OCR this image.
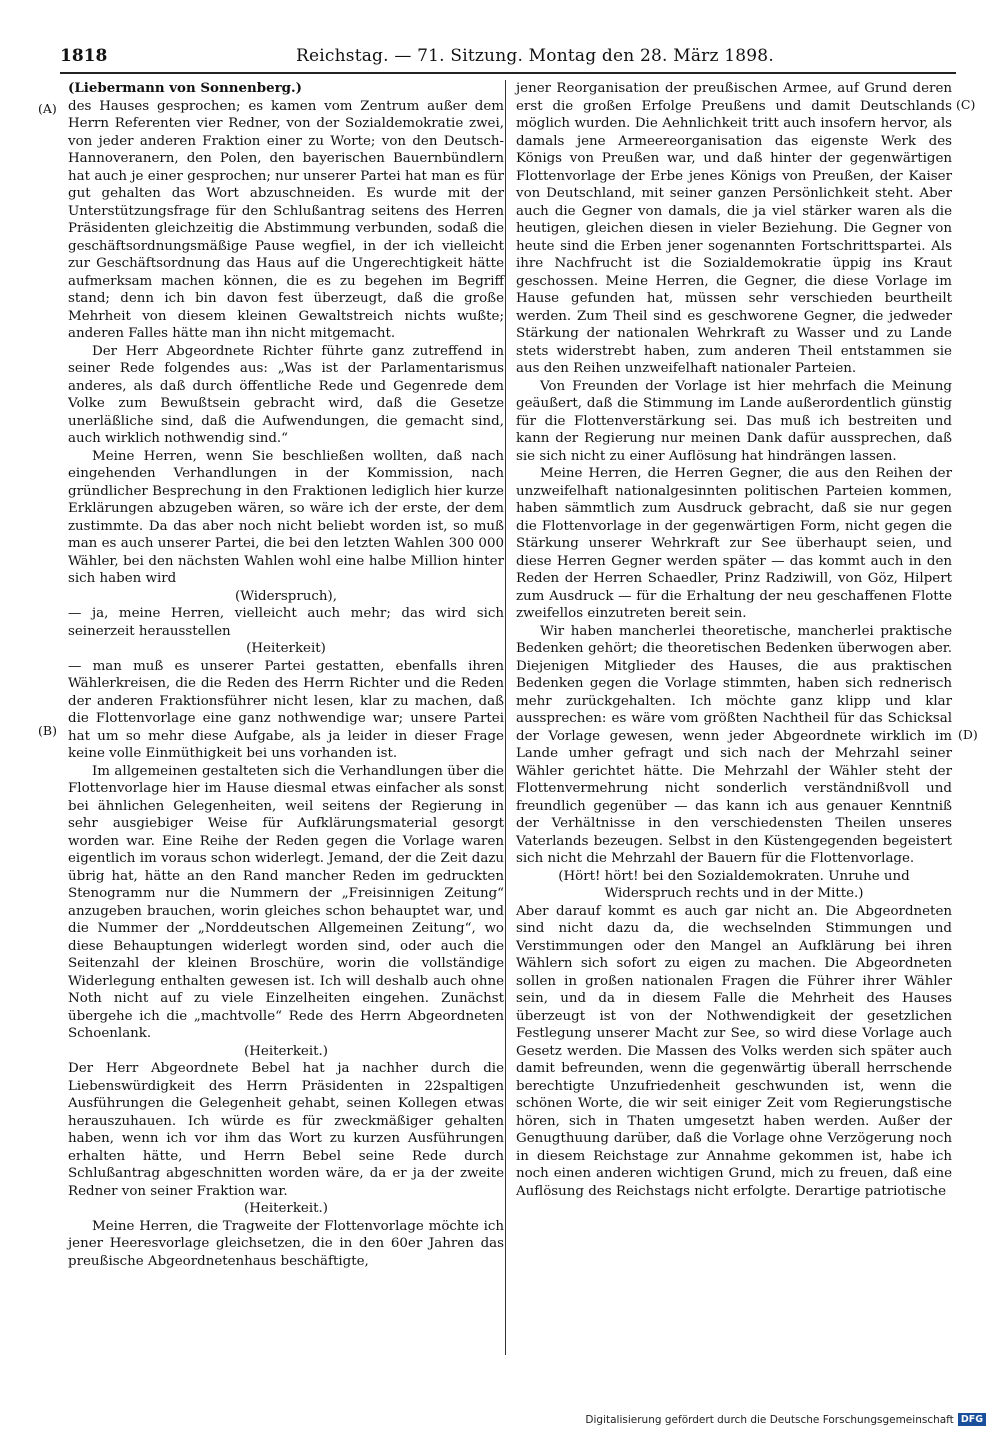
1818	Reichstag. — 71. Sitzung. Montag den 28. März 1898.
(A)
(B)
(C)
(D)

(Liebermann von Sonnenberg.)

des Hauses gesprochen; es kamen vom Zentrum außer dem Herrn Referenten vier Redner, von der Sozialdemokratie zwei, von jeder anderen Fraktion einer zu Worte; von den Deutsch-Hannoveranern, den Polen, den bayerischen Bauernbündlern hat auch je einer gesprochen; nur unserer Partei hat man es für gut gehalten das Wort abzuschneiden. Es wurde mit der Unterstützungsfrage für den Schlußantrag seitens des Herren Präsidenten gleichzeitig die Abstimmung verbunden, sodaß die geschäftsordnungsmäßige Pause wegfiel, in der ich vielleicht zur Geschäftsordnung das Haus auf die Ungerechtigkeit hätte aufmerksam machen können, die es zu begehen im Begriff stand; denn ich bin davon fest überzeugt, daß die große Mehrheit von diesem kleinen Gewaltstreich nichts wußte; anderen Falles hätte man ihn nicht mitgemacht.

Der Herr Abgeordnete Richter führte ganz zutreffend in seiner Rede folgendes aus: „Was ist der Parlamentarismus anderes, als daß durch öffentliche Rede und Gegenrede dem Volke zum Bewußtsein gebracht wird, daß die Gesetze unerläßliche sind, daß die Aufwendungen, die gemacht sind, auch wirklich nothwendig sind.“

Meine Herren, wenn Sie beschließen wollten, daß nach eingehenden Verhandlungen in der Kommission, nach gründlicher Besprechung in den Fraktionen lediglich hier kurze Erklärungen abzugeben wären, so wäre ich der erste, der dem zustimmte. Da das aber noch nicht beliebt worden ist, so muß man es auch unserer Partei, die bei den letzten Wahlen 300 000 Wähler, bei den nächsten Wahlen wohl eine halbe Million hinter sich haben wird

(Widerspruch),

— ja, meine Herren, vielleicht auch mehr; das wird sich seinerzeit herausstellen

(Heiterkeit)

— man muß es unserer Partei gestatten, ebenfalls ihren Wählerkreisen, die die Reden des Herrn Richter und die Reden der anderen Fraktionsführer nicht lesen, klar zu machen, daß die Flottenvorlage eine ganz nothwendige war; unsere Partei hat um so mehr diese Aufgabe, als ja leider in dieser Frage keine volle Einmüthigkeit bei uns vorhanden ist.

Im allgemeinen gestalteten sich die Verhandlungen über die Flottenvorlage hier im Hause diesmal etwas einfacher als sonst bei ähnlichen Gelegenheiten, weil seitens der Regierung in sehr ausgiebiger Weise für Aufklärungsmaterial gesorgt worden war. Eine Reihe der Reden gegen die Vorlage waren eigentlich im voraus schon widerlegt. Jemand, der die Zeit dazu übrig hat, hätte an den Rand mancher Reden im gedruckten Stenogramm nur die Nummern der „Freisinnigen Zeitung“ anzugeben brauchen, worin gleiches schon behauptet war, und die Nummer der „Norddeutschen Allgemeinen Zeitung“, wo diese Behauptungen widerlegt worden sind, oder auch die Seitenzahl der kleinen Broschüre, worin die vollständige Widerlegung enthalten gewesen ist. Ich will deshalb auch ohne Noth nicht auf zu viele Einzelheiten eingehen. Zunächst übergehe ich die „machtvolle“ Rede des Herrn Abgeordneten Schoenlank.

(Heiterkeit.)

Der Herr Abgeordnete Bebel hat ja nachher durch die Liebenswürdigkeit des Herrn Präsidenten in 22spaltigen Ausführungen die Gelegenheit gehabt, seinen Kollegen etwas herauszuhauen. Ich würde es für zweckmäßiger gehalten haben, wenn ich vor ihm das Wort zu kurzen Ausführungen erhalten hätte, und Herrn Bebel seine Rede durch Schlußantrag abgeschnitten worden wäre, da er ja der zweite Redner von seiner Fraktion war.

(Heiterkeit.)

Meine Herren, die Tragweite der Flottenvorlage möchte ich jener Heeresvorlage gleichsetzen, die in den 60er Jahren das preußische Abgeordnetenhaus beschäftigte,

jener Reorganisation der preußischen Armee, auf Grund deren erst die großen Erfolge Preußens und damit Deutschlands möglich wurden. Die Aehnlichkeit tritt auch insofern hervor, als damals jene Armeereorganisation das eigenste Werk des Königs von Preußen war, und daß hinter der gegenwärtigen Flottenvorlage der Erbe jenes Königs von Preußen, der Kaiser von Deutschland, mit seiner ganzen Persönlichkeit steht. Aber auch die Gegner von damals, die ja viel stärker waren als die heutigen, gleichen diesen in vieler Beziehung. Die Gegner von heute sind die Erben jener sogenannten Fortschrittspartei. Als ihre Nachfrucht ist die Sozialdemokratie üppig ins Kraut geschossen. Meine Herren, die Gegner, die diese Vorlage im Hause gefunden hat, müssen sehr verschieden beurtheilt werden. Zum Theil sind es geschworene Gegner, die jedweder Stärkung der nationalen Wehrkraft zu Wasser und zu Lande stets widerstrebt haben, zum anderen Theil entstammen sie aus den Reihen unzweifelhaft nationaler Parteien.

Von Freunden der Vorlage ist hier mehrfach die Meinung geäußert, daß die Stimmung im Lande außerordentlich günstig für die Flottenverstärkung sei. Das muß ich bestreiten und kann der Regierung nur meinen Dank dafür aussprechen, daß sie sich nicht zu einer Auflösung hat hindrängen lassen.

Meine Herren, die Herren Gegner, die aus den Reihen der unzweifelhaft nationalgesinnten politischen Parteien kommen, haben sämmtlich zum Ausdruck gebracht, daß sie nur gegen die Flottenvorlage in der gegenwärtigen Form, nicht gegen die Stärkung unserer Wehrkraft zur See überhaupt seien, und diese Herren Gegner werden später — das kommt auch in den Reden der Herren Schaedler, Prinz Radziwill, von Göz, Hilpert zum Ausdruck — für die Erhaltung der neu geschaffenen Flotte zweifellos einzutreten bereit sein.

Wir haben mancherlei theoretische, mancherlei praktische Bedenken gehört; die theoretischen Bedenken überwogen aber. Diejenigen Mitglieder des Hauses, die aus praktischen Bedenken gegen die Vorlage stimmten, haben sich rednerisch mehr zurückgehalten. Ich möchte ganz klipp und klar aussprechen: es wäre vom größten Nachtheil für das Schicksal der Vorlage gewesen, wenn jeder Abgeordnete wirklich im Lande umher gefragt und sich nach der Mehrzahl seiner Wähler gerichtet hätte. Die Mehrzahl der Wähler steht der Flottenvermehrung nicht sonderlich verständnißvoll und freundlich gegenüber — das kann ich aus genauer Kenntniß der Verhältnisse in den verschiedensten Theilen unseres Vaterlands bezeugen. Selbst in den Küstengegenden begeistert sich nicht die Mehrzahl der Bauern für die Flottenvorlage.

(Hört! hört! bei den Sozialdemokraten. Unruhe und Widerspruch rechts und in der Mitte.)

Aber darauf kommt es auch gar nicht an. Die Abgeordneten sind nicht dazu da, die wechselnden Stimmungen und Verstimmungen oder den Mangel an Aufklärung bei ihren Wählern sich sofort zu eigen zu machen. Die Abgeordneten sollen in großen nationalen Fragen die Führer ihrer Wähler sein, und da in diesem Falle die Mehrheit des Hauses überzeugt ist von der Nothwendigkeit der gesetzlichen Festlegung unserer Macht zur See, so wird diese Vorlage auch Gesetz werden. Die Massen des Volks werden sich später auch damit befreunden, wenn die gegenwärtig überall herrschende berechtigte Unzufriedenheit geschwunden ist, wenn die schönen Worte, die wir seit einiger Zeit vom Regierungstische hören, sich in Thaten umgesetzt haben werden. Außer der Genugthuung darüber, daß die Vorlage ohne Verzögerung noch in diesem Reichstage zur Annahme gekommen ist, habe ich noch einen anderen wichtigen Grund, mich zu freuen, daß eine Auflösung des Reichstags nicht erfolgte. Derartige patriotische

Digitalisierung gefördert durch die Deutsche Forschungsgemeinschaft DFG
